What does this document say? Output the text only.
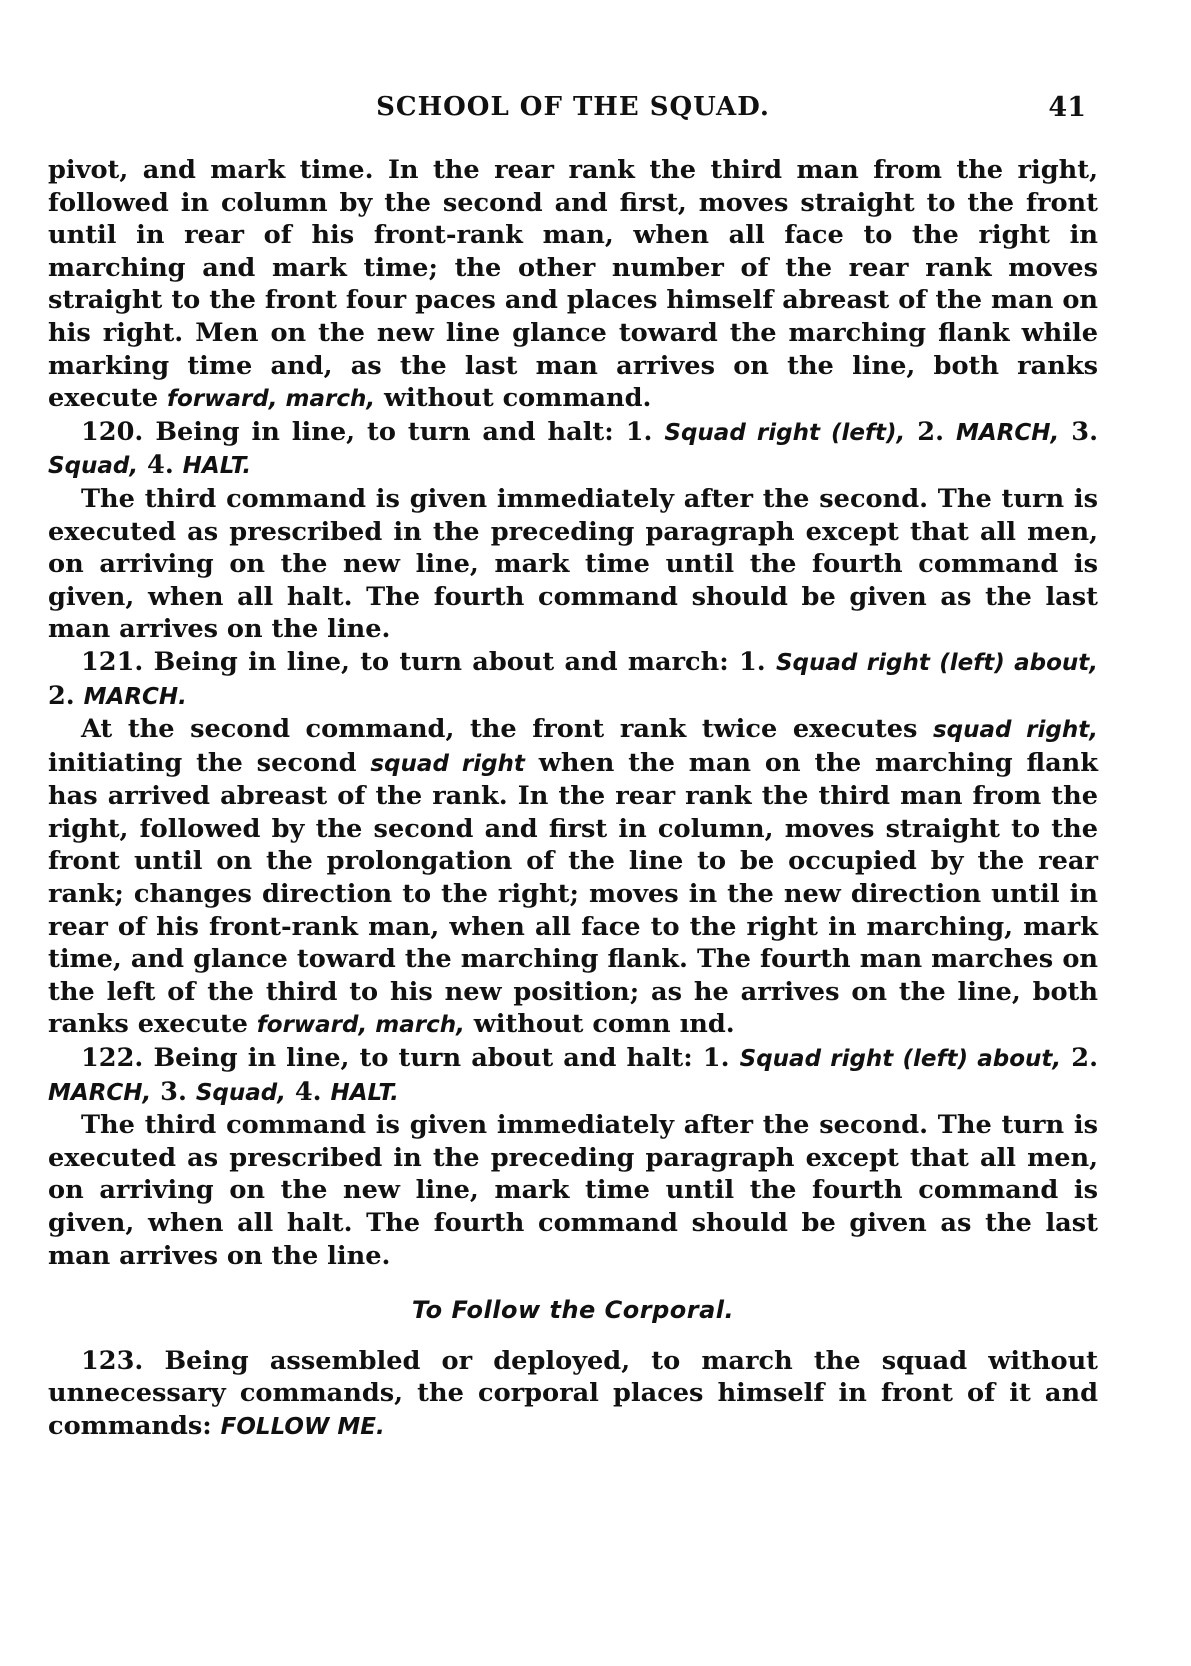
SCHOOL OF THE SQUAD.	41

pivot, and mark time. In the rear rank the third man from the right, followed in column by the second and first, moves straight to the front until in rear of his front-rank man, when all face to the right in marching and mark time; the other number of the rear rank moves straight to the front four paces and places himself abreast of the man on his right. Men on the new line glance toward the marching flank while marking time and, as the last man arrives on the line, both ranks execute forward, march, without command.

120. Being in line, to turn and halt: 1. Squad right (left), 2. MARCH, 3. Squad, 4. HALT.

The third command is given immediately after the second. The turn is executed as prescribed in the preceding paragraph except that all men, on arriving on the new line, mark time until the fourth command is given, when all halt. The fourth command should be given as the last man arrives on the line.

121. Being in line, to turn about and march: 1. Squad right (left) about, 2. MARCH.

At the second command, the front rank twice executes squad right, initiating the second squad right when the man on the marching flank has arrived abreast of the rank. In the rear rank the third man from the right, followed by the second and first in column, moves straight to the front until on the prolongation of the line to be occupied by the rear rank; changes direction to the right; moves in the new direction until in rear of his front-rank man, when all face to the right in marching, mark time, and glance toward the marching flank. The fourth man marches on the left of the third to his new position; as he arrives on the line, both ranks execute forward, march, without comn ınd.

122. Being in line, to turn about and halt: 1. Squad right (left) about, 2. MARCH, 3. Squad, 4. HALT.

The third command is given immediately after the second. The turn is executed as prescribed in the preceding paragraph except that all men, on arriving on the new line, mark time until the fourth command is given, when all halt. The fourth command should be given as the last man arrives on the line.

To Follow the Corporal.

123. Being assembled or deployed, to march the squad without unnecessary commands, the corporal places himself in front of it and commands: FOLLOW ME.
